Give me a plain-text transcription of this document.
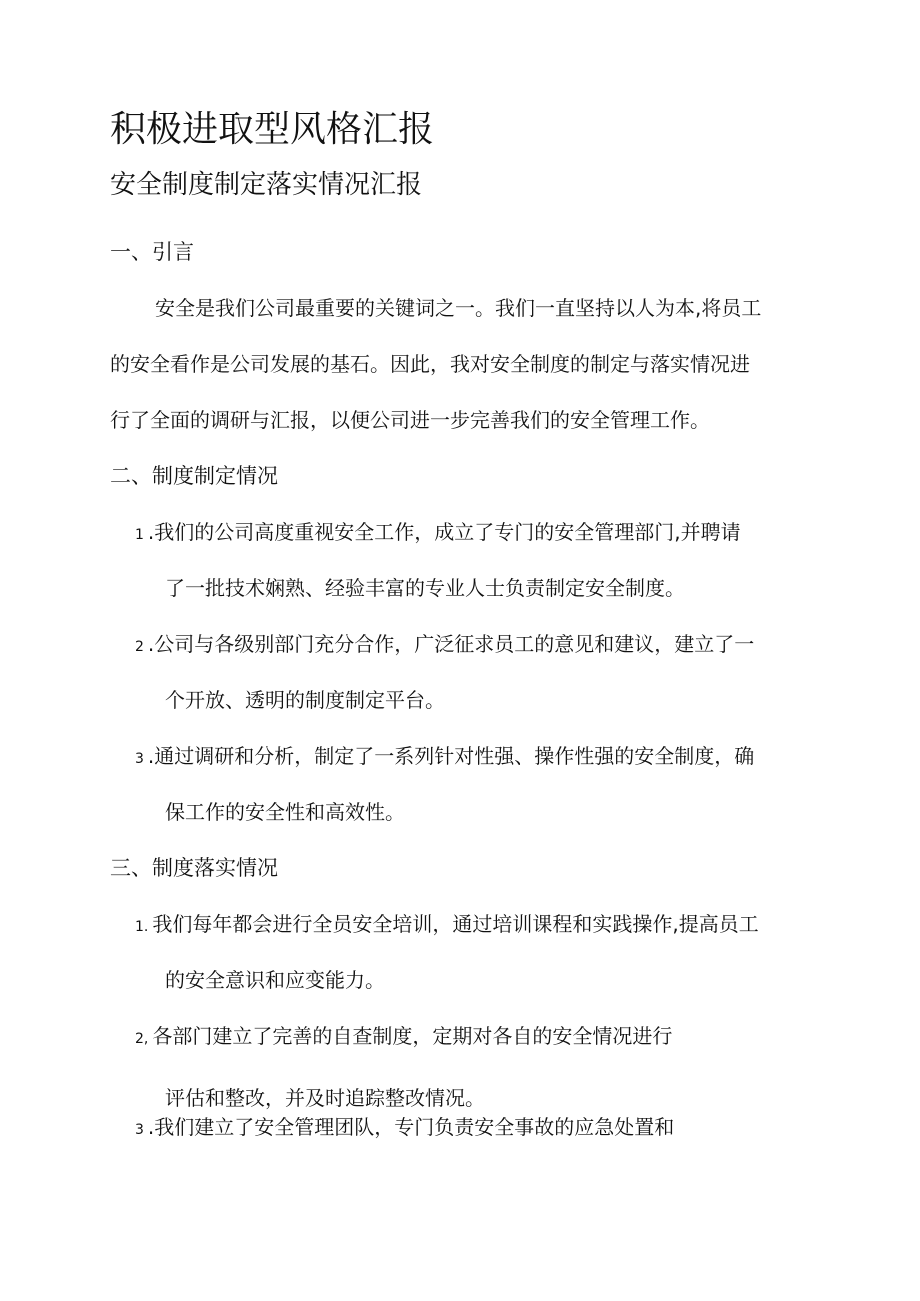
积极进取型风格汇报
安全制度制定落实情况汇报
一、引言
安全是我们公司最重要的关键词之一。我们一直坚持以人为本,将员工
的安全看作是公司发展的基石。因此，我对安全制度的制定与落实情况进
行了全面的调研与汇报，以便公司进一步完善我们的安全管理工作。
二、制度制定情况
1 .我们的公司高度重视安全工作，成立了专门的安全管理部门,并聘请
了一批技术娴熟、经验丰富的专业人士负责制定安全制度。
2 .公司与各级别部门充分合作，广泛征求员工的意见和建议，建立了一
个开放、透明的制度制定平台。
3 .通过调研和分析，制定了一系列针对性强、操作性强的安全制度，确
保工作的安全性和高效性。
三、制度落实情况
1. 我们每年都会进行全员安全培训，通过培训课程和实践操作,提高员工
的安全意识和应变能力。
2, 各部门建立了完善的自查制度，定期对各自的安全情况进行
评估和整改，并及时追踪整改情况。
3 .我们建立了安全管理团队，专门负责安全事故的应急处置和
